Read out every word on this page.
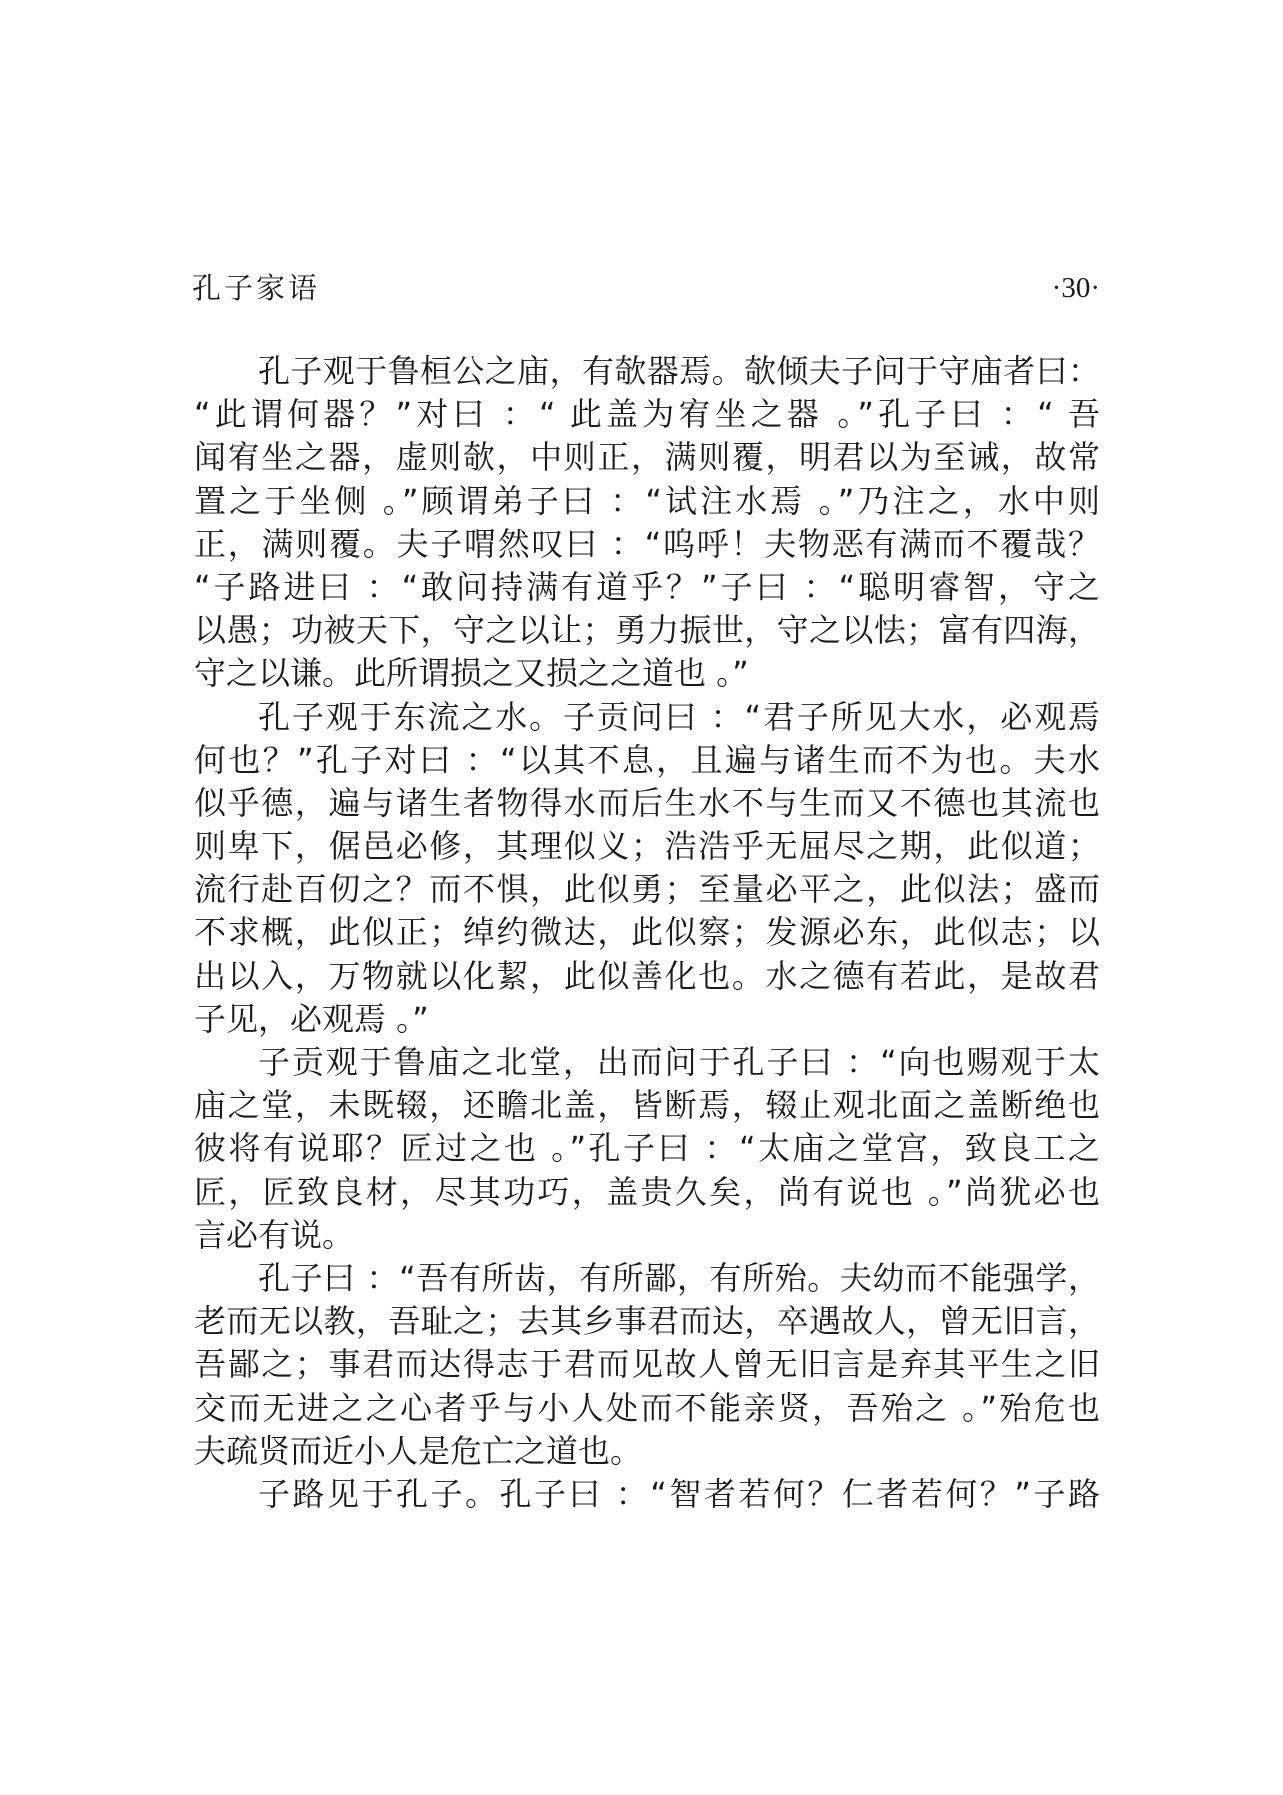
孔子家语	·30·
孔子观于鲁桓公之庙，有欹器焉。欹倾夫子问于守庙者曰：
“此谓何器？”对曰 ：“ 此盖为宥坐之器 。”孔子曰 ：“ 吾
闻宥坐之器，虚则欹，中则正，满则覆，明君以为至诫，故常
置之于坐侧 。”顾谓弟子曰 ：“试注水焉 。”乃注之，水中则
正，满则覆。夫子喟然叹曰 ：“呜呼！夫物恶有满而不覆哉？
“子路进曰 ：“敢问持满有道乎？”子曰 ：“聪明睿智，守之
以愚；功被天下，守之以让；勇力振世，守之以怯；富有四海，
守之以谦。此所谓损之又损之之道也 。”
孔子观于东流之水。子贡问曰 ：“君子所见大水，必观焉
何也？”孔子对曰 ：“以其不息，且遍与诸生而不为也。夫水
似乎德，遍与诸生者物得水而后生水不与生而又不德也其流也
则卑下，倨邑必修，其理似义；浩浩乎无屈尽之期，此似道；
流行赴百仞之？而不惧，此似勇；至量必平之，此似法；盛而
不求概，此似正；绰约微达，此似察；发源必东，此似志；以
出以入，万物就以化絜，此似善化也。水之德有若此，是故君
子见，必观焉 。”
子贡观于鲁庙之北堂，出而问于孔子曰 ：“向也赐观于太
庙之堂，未既辍，还瞻北盖，皆断焉，辍止观北面之盖断绝也
彼将有说耶？匠过之也 。”孔子曰 ：“太庙之堂宫，致良工之
匠，匠致良材，尽其功巧，盖贵久矣，尚有说也 。”尚犹必也
言必有说。
孔子曰 ：“吾有所齿，有所鄙，有所殆。夫幼而不能强学，
老而无以教，吾耻之；去其乡事君而达，卒遇故人，曾无旧言，
吾鄙之；事君而达得志于君而见故人曾无旧言是弃其平生之旧
交而无进之之心者乎与小人处而不能亲贤，吾殆之 。”殆危也
夫疏贤而近小人是危亡之道也。
子路见于孔子。孔子曰 ：“智者若何？仁者若何？”子路
